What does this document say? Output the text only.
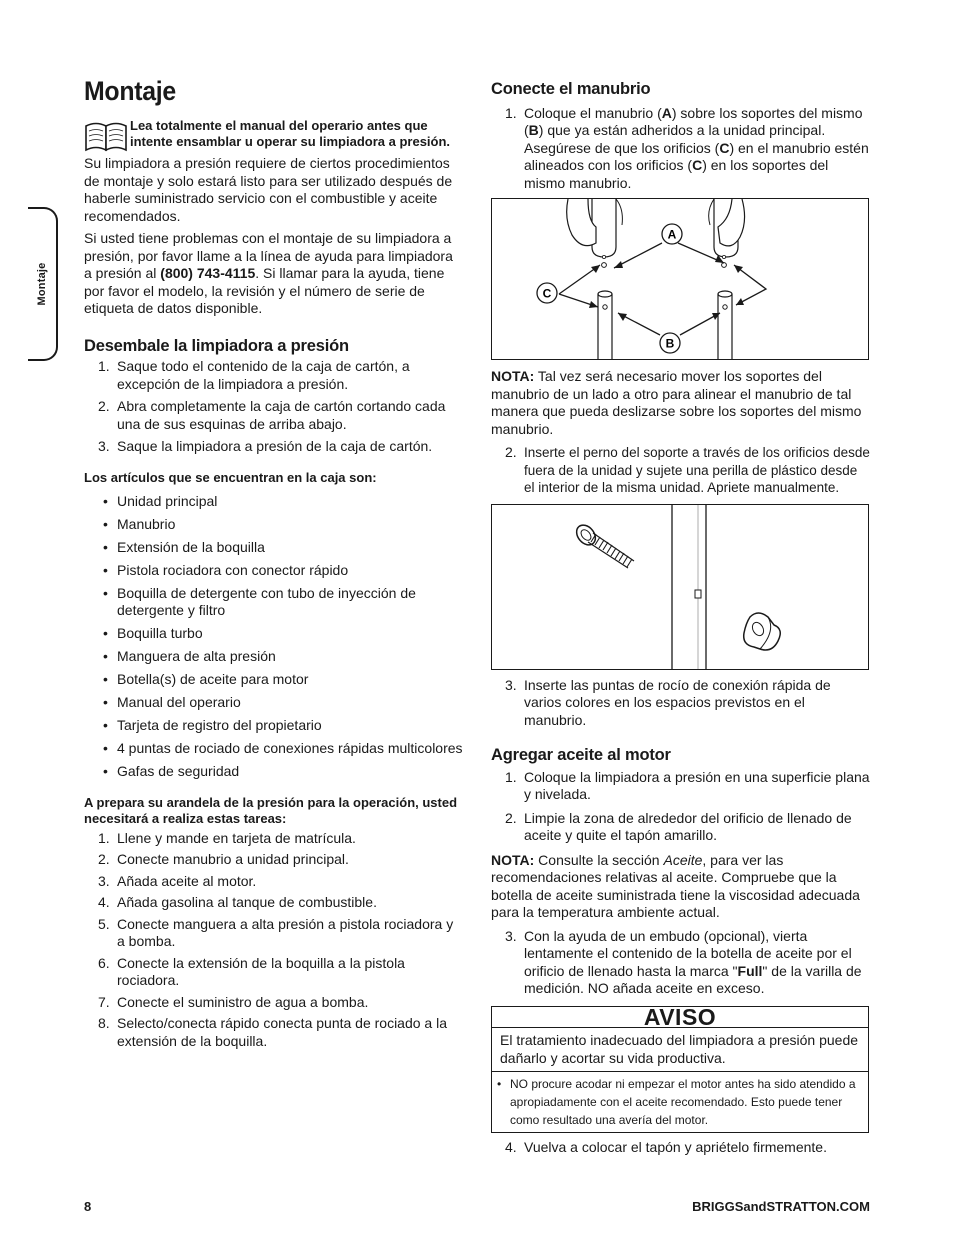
Montaje
Montaje
Lea totalmente el manual del operario antes que intente ensamblar u operar su limpiadora a presión.

Su limpiadora a presión requiere de ciertos procedimientos de montaje y solo estará listo para ser utilizado después de haberle suministrado servicio con el combustible y aceite recomendados.

Si usted tiene problemas con el montaje de su limpiadora a presión, por favor llame a la línea de ayuda para limpiadora a presión al (800) 743-4115. Si llamar para la ayuda, tiene por favor el modelo, la revisión y el número de serie de etiqueta de datos disponible.

Desembale la limpiadora a presión
1. Saque todo el contenido de la caja de cartón, a excepción de la limpiadora a presión.
2. Abra completamente la caja de cartón cortando cada una de sus esquinas de arriba abajo.
3. Saque la limpiadora a presión de la caja de cartón.
Los artículos que se encuentran en la caja son:
• Unidad principal
• Manubrio
• Extensión de la boquilla
• Pistola rociadora con conector rápido
• Boquilla de detergente con tubo de inyección de detergente y filtro
• Boquilla turbo
• Manguera de alta presión
• Botella(s) de aceite para motor
• Manual del operario
• Tarjeta de registro del propietario
• 4 puntas de rociado de conexiones rápidas multicolores
• Gafas de seguridad
A prepara su arandela de la presión para la operación, usted necesitará a realiza estas tareas:
1. Llene y mande en tarjeta de matrícula.
2. Conecte manubrio a unidad principal.
3. Añada aceite al motor.
4. Añada gasolina al tanque de combustible.
5. Conecte manguera a alta presión a pistola rociadora y a bomba.
6. Conecte la extensión de la boquilla a la pistola rociadora.
7. Conecte el suministro de agua a bomba.
8. Selecto/conecta rápido conecta punta de rociado a la extensión de la boquilla.
Conecte el manubrio
1. Coloque el manubrio (A) sobre los soportes del mismo (B) que ya están adheridos a la unidad principal. Asegúrese de que los orificios (C) en el manubrio estén alineados con los orificios (C) en los soportes del mismo manubrio.
A
C
B

NOTA: Tal vez será necesario mover los soportes del manubrio de un lado a otro para alinear el manubrio de tal manera que pueda deslizarse sobre los soportes del mismo manubrio.

2. Inserte el perno del soporte a través de los orificios desde fuera de la unidad y sujete una perilla de plástico desde el interior de la misma unidad. Apriete manualmente.
3. Inserte las puntas de rocío de conexión rápida de varios colores en los espacios previstos en el manubrio.
Agregar aceite al motor
1. Coloque la limpiadora a presión en una superficie plana y nivelada.
2. Limpie la zona de alrededor del orificio de llenado de aceite y quite el tapón amarillo.

NOTA: Consulte la sección Aceite, para ver las recomendaciones relativas al aceite. Compruebe que la botella de aceite suministrada tiene la viscosidad adecuada para la temperatura ambiente actual.

3. Con la ayuda de un embudo (opcional), vierta lentamente el contenido de la botella de aceite por el orificio de llenado hasta la marca "Full" de la varilla de medición. NO añada aceite en exceso.
AVISO
El tratamiento inadecuado del limpiadora a presión puede dañarlo y acortar su vida productiva.
• NO procure acodar ni empezar el motor antes ha sido atendido a apropiadamente con el aceite recomendado. Esto puede tener como resultado una avería del motor.
4. Vuelva a colocar el tapón y apriételo firmemente.
8	BRIGGSandSTRATTON.COM
